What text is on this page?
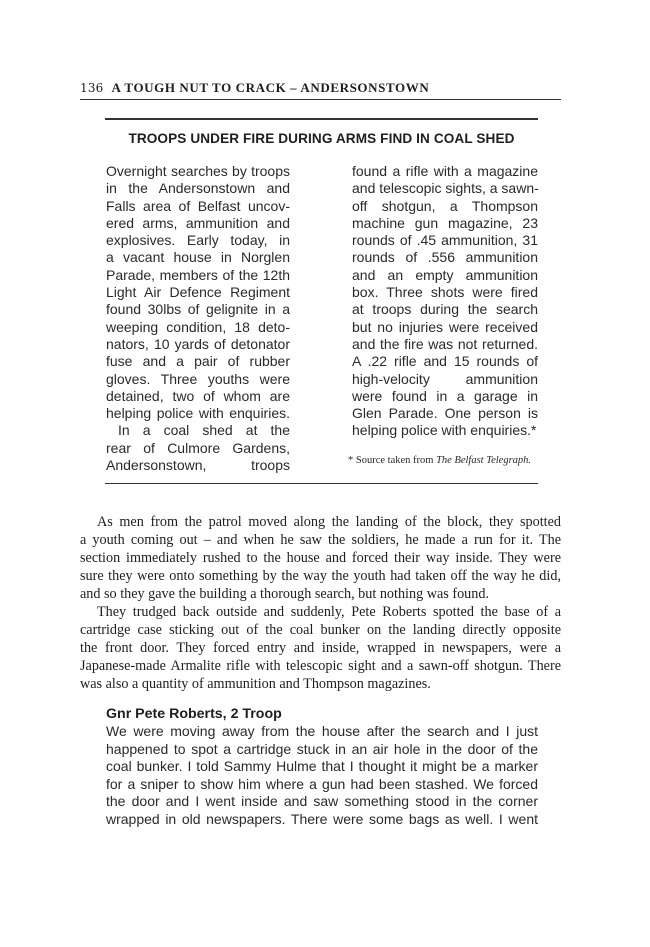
136 A TOUGH NUT TO CRACK – ANDERSONSTOWN
TROOPS UNDER FIRE DURING ARMS FIND IN COAL SHED
Overnight searches by troops
in the Andersonstown and
Falls area of Belfast uncov-
ered arms, ammunition and
explosives. Early today, in
a vacant house in Norglen
Parade, members of the 12th
Light Air Defence Regiment
found 30lbs of gelignite in a
weeping condition, 18 deto-
nators, 10 yards of detonator
fuse and a pair of rubber
gloves. Three youths were
detained, two of whom are
helping police with enquiries.
In a coal shed at the
rear of Culmore Gardens,
Andersonstown, troops
found a rifle with a magazine
and telescopic sights, a sawn-
off shotgun, a Thompson
machine gun magazine, 23
rounds of .45 ammunition, 31
rounds of .556 ammunition
and an empty ammunition
box. Three shots were fired
at troops during the search
but no injuries were received
and the fire was not returned.
A .22 rifle and 15 rounds of
high-velocity ammunition
were found in a garage in
Glen Parade. One person is
helping police with enquiries.*
* Source taken from The Belfast Telegraph.
As men from the patrol moved along the landing of the block, they spotted
a youth coming out – and when he saw the soldiers, he made a run for it. The
section immediately rushed to the house and forced their way inside. They were
sure they were onto something by the way the youth had taken off the way he did,
and so they gave the building a thorough search, but nothing was found.
They trudged back outside and suddenly, Pete Roberts spotted the base of a
cartridge case sticking out of the coal bunker on the landing directly opposite
the front door. They forced entry and inside, wrapped in newspapers, were a
Japanese-made Armalite rifle with telescopic sight and a sawn-off shotgun. There
was also a quantity of ammunition and Thompson magazines.
Gnr Pete Roberts, 2 Troop
We were moving away from the house after the search and I just
happened to spot a cartridge stuck in an air hole in the door of the
coal bunker. I told Sammy Hulme that I thought it might be a marker
for a sniper to show him where a gun had been stashed. We forced
the door and I went inside and saw something stood in the corner
wrapped in old newspapers. There were some bags as well. I went
